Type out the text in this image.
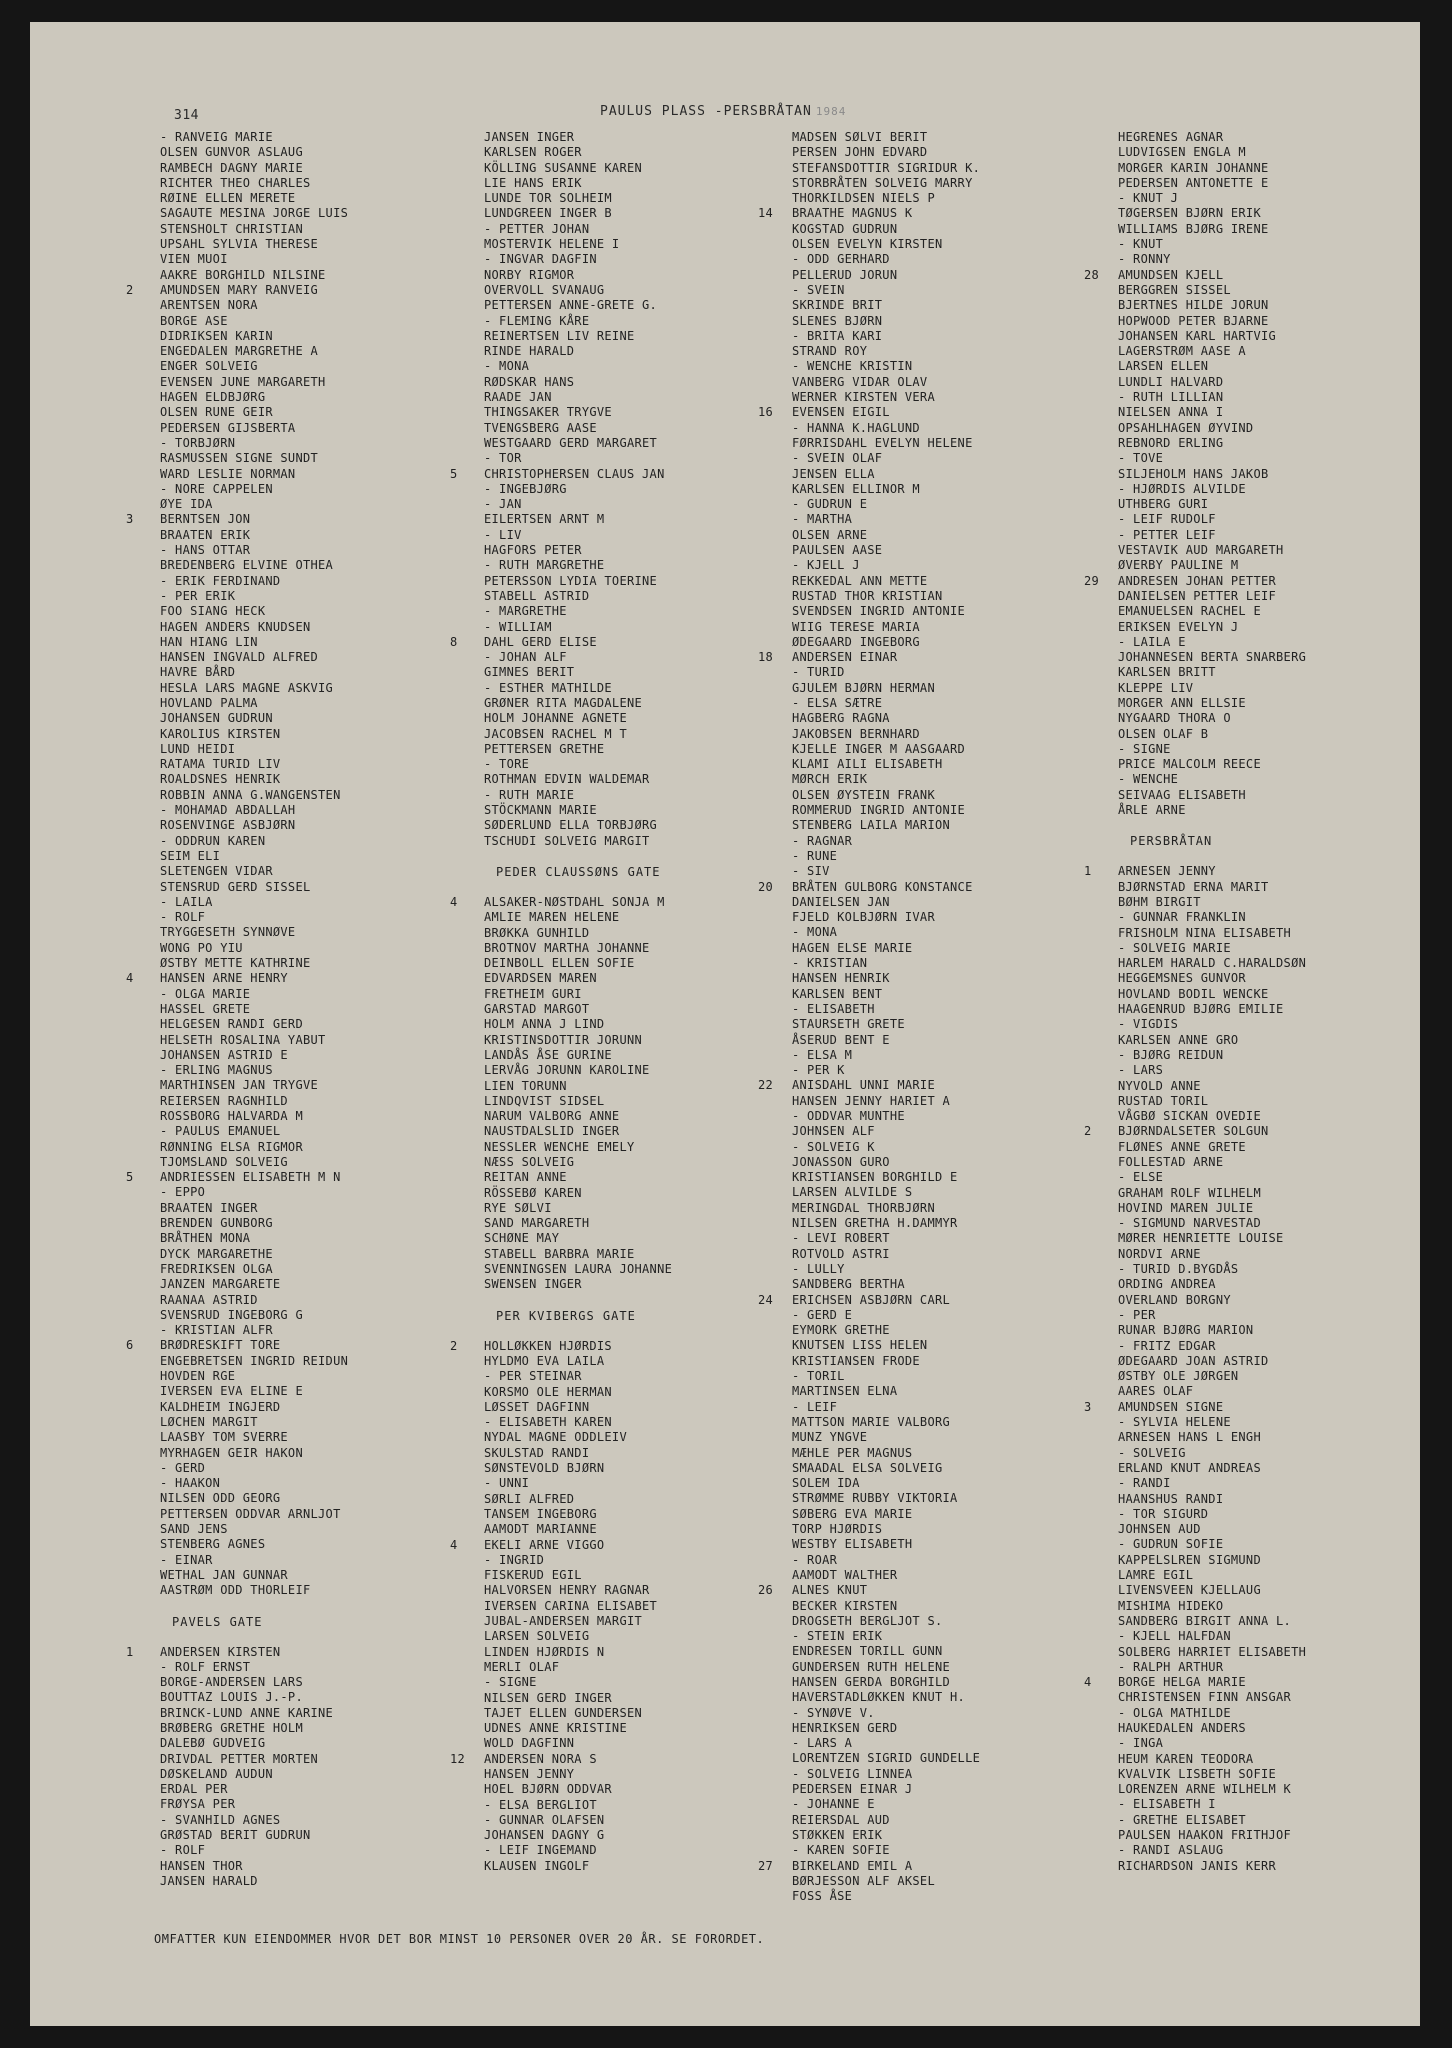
314	PAULUS PLASS -PERSBRÅTAN 1984
- RANVEIG MARIE
OLSEN GUNVOR ASLAUG
RAMBECH DAGNY MARIE
RICHTER THEO CHARLES
RØINE ELLEN MERETE
SAGAUTE MESINA JORGE LUIS
STENSHOLT CHRISTIAN
UPSAHL SYLVIA THERESE
VIEN MUOI
AAKRE BORGHILD NILSINE
2	AMUNDSEN MARY RANVEIG
ARENTSEN NORA
BORGE ASE
DIDRIKSEN KARIN
ENGEDALEN MARGRETHE A
ENGER SOLVEIG
EVENSEN JUNE MARGARETH
HAGEN ELDBJØRG
OLSEN RUNE GEIR
PEDERSEN GIJSBERTA
- TORBJØRN
RASMUSSEN SIGNE SUNDT
WARD LESLIE NORMAN
- NORE CAPPELEN
ØYE IDA
3	BERNTSEN JON
BRAATEN ERIK
- HANS OTTAR
BREDENBERG ELVINE OTHEA
- ERIK FERDINAND
- PER ERIK
FOO SIANG HECK
HAGEN ANDERS KNUDSEN
HAN HIANG LIN
HANSEN INGVALD ALFRED
HAVRE BÅRD
HESLA LARS MAGNE ASKVIG
HOVLAND PALMA
JOHANSEN GUDRUN
KAROLIUS KIRSTEN
LUND HEIDI
RATAMA TURID LIV
ROALDSNES HENRIK
ROBBIN ANNA G.WANGENSTEN
- MOHAMAD ABDALLAH
ROSENVINGE ASBJØRN
- ODDRUN KAREN
SEIM ELI
SLETENGEN VIDAR
STENSRUD GERD SISSEL
- LAILA
- ROLF
TRYGGESETH SYNNØVE
WONG PO YIU
ØSTBY METTE KATHRINE
4	HANSEN ARNE HENRY
- OLGA MARIE
HASSEL GRETE
HELGESEN RANDI GERD
HELSETH ROSALINA YABUT
JOHANSEN ASTRID E
- ERLING MAGNUS
MARTHINSEN JAN TRYGVE
REIERSEN RAGNHILD
ROSSBORG HALVARDA M
- PAULUS EMANUEL
RØNNING ELSA RIGMOR
TJOMSLAND SOLVEIG
5	ANDRIESSEN ELISABETH M N
- EPPO
BRAATEN INGER
BRENDEN GUNBORG
BRÅTHEN MONA
DYCK MARGARETHE
FREDRIKSEN OLGA
JANZEN MARGARETE
RAANAA ASTRID
SVENSRUD INGEBORG G
- KRISTIAN ALFR
6	BRØDRESKIFT TORE
ENGEBRETSEN INGRID REIDUN
HOVDEN RGE
IVERSEN EVA ELINE E
KALDHEIM INGJERD
LØCHEN MARGIT
LAASBY TOM SVERRE
MYRHAGEN GEIR HAKON
- GERD
- HAAKON
NILSEN ODD GEORG
PETTERSEN ODDVAR ARNLJOT
SAND JENS
STENBERG AGNES
- EINAR
WETHAL JAN GUNNAR
AASTRØM ODD THORLEIF
PAVELS GATE
1	ANDERSEN KIRSTEN
- ROLF ERNST
BORGE-ANDERSEN LARS
BOUTTAZ LOUIS J.-P.
BRINCK-LUND ANNE KARINE
BRØBERG GRETHE HOLM
DALEBØ GUDVEIG
DRIVDAL PETTER MORTEN
DØSKELAND AUDUN
ERDAL PER
FRØYSA PER
- SVANHILD AGNES
GRØSTAD BERIT GUDRUN
- ROLF
HANSEN THOR
JANSEN HARALD
JANSEN INGER
KARLSEN ROGER
KÖLLING SUSANNE KAREN
LIE HANS ERIK
LUNDE TOR SOLHEIM
LUNDGREEN INGER B
- PETTER JOHAN
MOSTERVIK HELENE I
- INGVAR DAGFIN
NORBY RIGMOR
OVERVOLL SVANAUG
PETTERSEN ANNE-GRETE G.
- FLEMING KÅRE
REINERTSEN LIV REINE
RINDE HARALD
- MONA
RØDSKAR HANS
RAADE JAN
THINGSAKER TRYGVE
TVENGSBERG AASE
WESTGAARD GERD MARGARET
- TOR
5	CHRISTOPHERSEN CLAUS JAN
- INGEBJØRG
- JAN
EILERTSEN ARNT M
- LIV
HAGFORS PETER
- RUTH MARGRETHE
PETERSSON LYDIA TOERINE
STABELL ASTRID
- MARGRETHE
- WILLIAM
8	DAHL GERD ELISE
- JOHAN ALF
GIMNES BERIT
- ESTHER MATHILDE
GRØNER RITA MAGDALENE
HOLM JOHANNE AGNETE
JACOBSEN RACHEL M T
PETTERSEN GRETHE
- TORE
ROTHMAN EDVIN WALDEMAR
- RUTH MARIE
STÖCKMANN MARIE
SØDERLUND ELLA TORBJØRG
TSCHUDI SOLVEIG MARGIT
PEDER CLAUSSØNS GATE
4	ALSAKER-NØSTDAHL SONJA M
AMLIE MAREN HELENE
BRØKKA GUNHILD
BROTNOV MARTHA JOHANNE
DEINBOLL ELLEN SOFIE
EDVARDSEN MAREN
FRETHEIM GURI
GARSTAD MARGOT
HOLM ANNA J LIND
KRISTINSDOTTIR JORUNN
LANDÅS ÅSE GURINE
LERVÅG JORUNN KAROLINE
LIEN TORUNN
LINDQVIST SIDSEL
NARUM VALBORG ANNE
NAUSTDALSLID INGER
NESSLER WENCHE EMELY
NÆSS SOLVEIG
REITAN ANNE
RÖSSEBØ KAREN
RYE SØLVI
SAND MARGARETH
SCHØNE MAY
STABELL BARBRA MARIE
SVENNINGSEN LAURA JOHANNE
SWENSEN INGER
PER KVIBERGS GATE
2	HOLLØKKEN HJØRDIS
HYLDMO EVA LAILA
- PER STEINAR
KORSMO OLE HERMAN
LØSSET DAGFINN
- ELISABETH KAREN
NYDAL MAGNE ODDLEIV
SKULSTAD RANDI
SØNSTEVOLD BJØRN
- UNNI
SØRLI ALFRED
TANSEM INGEBORG
AAMODT MARIANNE
4	EKELI ARNE VIGGO
- INGRID
FISKERUD EGIL
HALVORSEN HENRY RAGNAR
IVERSEN CARINA ELISABET
JUBAL-ANDERSEN MARGIT
LARSEN SOLVEIG
LINDEN HJØRDIS N
MERLI OLAF
- SIGNE
NILSEN GERD INGER
TAJET ELLEN GUNDERSEN
UDNES ANNE KRISTINE
WOLD DAGFINN
12	ANDERSEN NORA S
HANSEN JENNY
HOEL BJØRN ODDVAR
- ELSA BERGLIOT
- GUNNAR OLAFSEN
JOHANSEN DAGNY G
- LEIF INGEMAND
KLAUSEN INGOLF
MADSEN SØLVI BERIT
PERSEN JOHN EDVARD
STEFANSDOTTIR SIGRIDUR K.
STORBRÅTEN SOLVEIG MARRY
THORKILDSEN NIELS P
14	BRAATHE MAGNUS K
KOGSTAD GUDRUN
OLSEN EVELYN KIRSTEN
- ODD GERHARD
PELLERUD JORUN
- SVEIN
SKRINDE BRIT
SLENES BJØRN
- BRITA KARI
STRAND ROY
- WENCHE KRISTIN
VANBERG VIDAR OLAV
WERNER KIRSTEN VERA
16	EVENSEN EIGIL
- HANNA K.HAGLUND
FØRRISDAHL EVELYN HELENE
- SVEIN OLAF
JENSEN ELLA
KARLSEN ELLINOR M
- GUDRUN E
- MARTHA
OLSEN ARNE
PAULSEN AASE
- KJELL J
REKKEDAL ANN METTE
RUSTAD THOR KRISTIAN
SVENDSEN INGRID ANTONIE
WIIG TERESE MARIA
ØDEGAARD INGEBORG
18	ANDERSEN EINAR
- TURID
GJULEM BJØRN HERMAN
- ELSA SÆTRE
HAGBERG RAGNA
JAKOBSEN BERNHARD
KJELLE INGER M AASGAARD
KLAMI AILI ELISABETH
MØRCH ERIK
OLSEN ØYSTEIN FRANK
ROMMERUD INGRID ANTONIE
STENBERG LAILA MARION
- RAGNAR
- RUNE
- SIV
20	BRÅTEN GULBORG KONSTANCE
DANIELSEN JAN
FJELD KOLBJØRN IVAR
- MONA
HAGEN ELSE MARIE
- KRISTIAN
HANSEN HENRIK
KARLSEN BENT
- ELISABETH
STAURSETH GRETE
ÅSERUD BENT E
- ELSA M
- PER K
22	ANISDAHL UNNI MARIE
HANSEN JENNY HARIET A
- ODDVAR MUNTHE
JOHNSEN ALF
- SOLVEIG K
JONASSON GURO
KRISTIANSEN BORGHILD E
LARSEN ALVILDE S
MERINGDAL THORBJØRN
NILSEN GRETHA H.DAMMYR
- LEVI ROBERT
ROTVOLD ASTRI
- LULLY
SANDBERG BERTHA
24	ERICHSEN ASBJØRN CARL
- GERD E
EYMORK GRETHE
KNUTSEN LISS HELEN
KRISTIANSEN FRODE
- TORIL
MARTINSEN ELNA
- LEIF
MATTSON MARIE VALBORG
MUNZ YNGVE
MÆHLE PER MAGNUS
SMAADAL ELSA SOLVEIG
SOLEM IDA
STRØMME RUBBY VIKTORIA
SØBERG EVA MARIE
TORP HJØRDIS
WESTBY ELISABETH
- ROAR
AAMODT WALTHER
26	ALNES KNUT
BECKER KIRSTEN
DROGSETH BERGLJOT S.
- STEIN ERIK
ENDRESEN TORILL GUNN
GUNDERSEN RUTH HELENE
HANSEN GERDA BORGHILD
HAVERSTADLØKKEN KNUT H.
- SYNØVE V.
HENRIKSEN GERD
- LARS A
LORENTZEN SIGRID GUNDELLE
- SOLVEIG LINNEA
PEDERSEN EINAR J
- JOHANNE E
REIERSDAL AUD
STØKKEN ERIK
- KAREN SOFIE
27	BIRKELAND EMIL A
BØRJESSON ALF AKSEL
FOSS ÅSE
HEGRENES AGNAR
LUDVIGSEN ENGLA M
MORGER KARIN JOHANNE
PEDERSEN ANTONETTE E
- KNUT J
TØGERSEN BJØRN ERIK
WILLIAMS BJØRG IRENE
- KNUT
- RONNY
28	AMUNDSEN KJELL
BERGGREN SISSEL
BJERTNES HILDE JORUN
HOPWOOD PETER BJARNE
JOHANSEN KARL HARTVIG
LAGERSTRØM AASE A
LARSEN ELLEN
LUNDLI HALVARD
- RUTH LILLIAN
NIELSEN ANNA I
OPSAHLHAGEN ØYVIND
REBNORD ERLING
- TOVE
SILJEHOLM HANS JAKOB
- HJØRDIS ALVILDE
UTHBERG GURI
- LEIF RUDOLF
- PETTER LEIF
VESTAVIK AUD MARGARETH
ØVERBY PAULINE M
29	ANDRESEN JOHAN PETTER
DANIELSEN PETTER LEIF
EMANUELSEN RACHEL E
ERIKSEN EVELYN J
- LAILA E
JOHANNESEN BERTA SNARBERG
KARLSEN BRITT
KLEPPE LIV
MORGER ANN ELLSIE
NYGAARD THORA O
OLSEN OLAF B
- SIGNE
PRICE MALCOLM REECE
- WENCHE
SEIVAAG ELISABETH
ÅRLE ARNE
PERSBRÅTAN
1	ARNESEN JENNY
BJØRNSTAD ERNA MARIT
BØHM BIRGIT
- GUNNAR FRANKLIN
FRISHOLM NINA ELISABETH
- SOLVEIG MARIE
HARLEM HARALD C.HARALDSØN
HEGGEMSNES GUNVOR
HOVLAND BODIL WENCKE
HAAGENRUD BJØRG EMILIE
- VIGDIS
KARLSEN ANNE GRO
- BJØRG REIDUN
- LARS
NYVOLD ANNE
RUSTAD TORIL
VÅGBØ SICKAN OVEDIE
2	BJØRNDALSETER SOLGUN
FLØNES ANNE GRETE
FOLLESTAD ARNE
- ELSE
GRAHAM ROLF WILHELM
HOVIND MAREN JULIE
- SIGMUND NARVESTAD
MØRER HENRIETTE LOUISE
NORDVI ARNE
- TURID D.BYGDÅS
ORDING ANDREA
OVERLAND BORGNY
- PER
RUNAR BJØRG MARION
- FRITZ EDGAR
ØDEGAARD JOAN ASTRID
ØSTBY OLE JØRGEN
AARES OLAF
3	AMUNDSEN SIGNE
- SYLVIA HELENE
ARNESEN HANS L ENGH
- SOLVEIG
ERLAND KNUT ANDREAS
- RANDI
HAANSHUS RANDI
- TOR SIGURD
JOHNSEN AUD
- GUDRUN SOFIE
KAPPELSLREN SIGMUND
LAMRE EGIL
LIVENSVEEN KJELLAUG
MISHIMA HIDEKO
SANDBERG BIRGIT ANNA L.
- KJELL HALFDAN
SOLBERG HARRIET ELISABETH
- RALPH ARTHUR
4	BORGE HELGA MARIE
CHRISTENSEN FINN ANSGAR
- OLGA MATHILDE
HAUKEDALEN ANDERS
- INGA
HEUM KAREN TEODORA
KVALVIK LISBETH SOFIE
LORENZEN ARNE WILHELM K
- ELISABETH I
- GRETHE ELISABET
PAULSEN HAAKON FRITHJOF
- RANDI ASLAUG
RICHARDSON JANIS KERR
OMFATTER KUN EIENDOMMER HVOR DET BOR MINST 10 PERSONER OVER 20 ÅR. SE FORORDET.
